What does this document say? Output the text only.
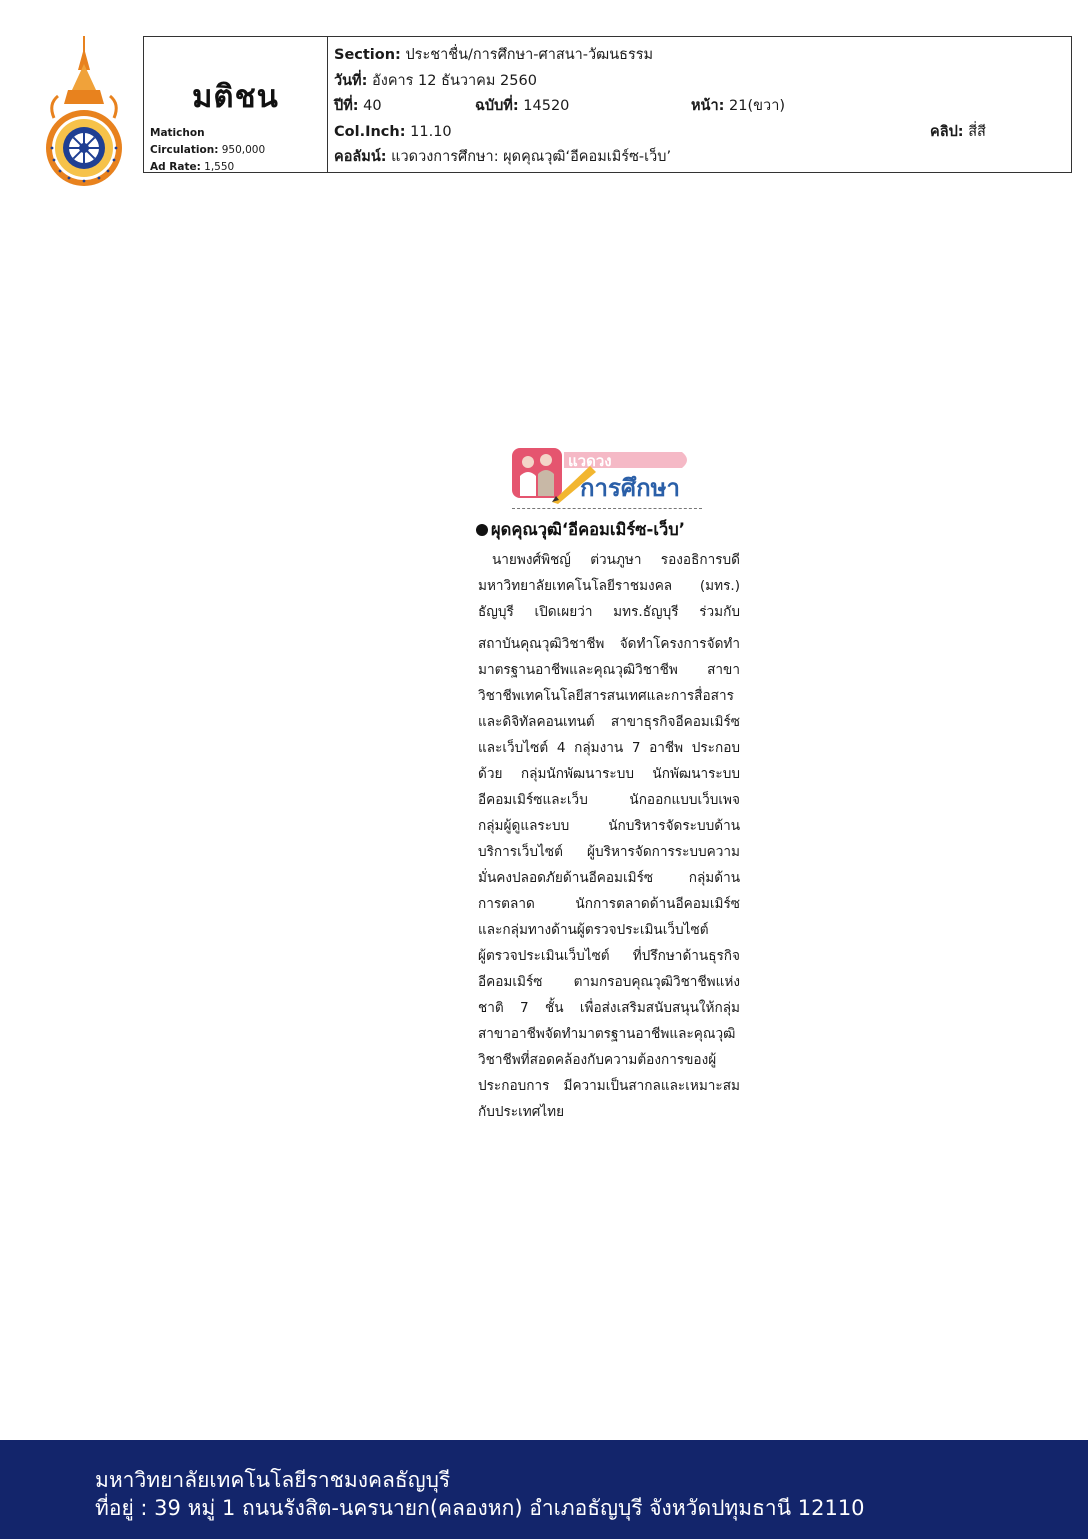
มติชน
Matichon
Circulation: 950,000
Ad Rate: 1,550
Section: ประชาชื่น/การศึกษา-ศาสนา-วัฒนธรรม
วันที่: อังคาร 12 ธันวาคม 2560
ปีที่: 40	ฉบับที่: 14520	หน้า: 21(ขวา)
Col.Inch: 11.10	คลิป: สี่สี
คอลัมน์: แวดวงการศึกษา: ผุดคุณวุฒิ‘อีคอมเมิร์ซ-เว็บ’
แวดวง
การศึกษา
ผุดคุณวุฒิ‘อีคอมเมิร์ซ-เว็บ’
นายพงศ์พิชญ์ ต่วนภูษา รองอธิการบดี
มหาวิทยาลัยเทคโนโลยีราชมงคล (มทร.)
ธัญบุรี เปิดเผยว่า มทร.ธัญบุรี ร่วมกับ
สถาบันคุณวุฒิวิชาชีพ จัดทำโครงการจัดทำ
มาตรฐานอาชีพและคุณวุฒิวิชาชีพ สาขา
วิชาชีพเทคโนโลยีสารสนเทศและการสื่อสาร
และดิจิทัลคอนเทนต์ สาขาธุรกิจอีคอมเมิร์ซ
และเว็บไซต์ 4 กลุ่มงาน 7 อาชีพ ประกอบ
ด้วย กลุ่มนักพัฒนาระบบ นักพัฒนาระบบ
อีคอมเมิร์ซและเว็บ นักออกแบบเว็บเพจ
กลุ่มผู้ดูแลระบบ นักบริหารจัดระบบด้าน
บริการเว็บไซต์ ผู้บริหารจัดการระบบความ
มั่นคงปลอดภัยด้านอีคอมเมิร์ซ กลุ่มด้าน
การตลาด นักการตลาดด้านอีคอมเมิร์ซ
และกลุ่มทางด้านผู้ตรวจประเมินเว็บไซต์
ผู้ตรวจประเมินเว็บไซต์ ที่ปรึกษาด้านธุรกิจ
อีคอมเมิร์ซ ตามกรอบคุณวุฒิวิชาชีพแห่ง
ชาติ 7 ชั้น เพื่อส่งเสริมสนับสนุนให้กลุ่ม
สาขาอาชีพจัดทำมาตรฐานอาชีพและคุณวุฒิ
วิชาชีพที่สอดคล้องกับความต้องการของผู้
ประกอบการ มีความเป็นสากลและเหมาะสม
กับประเทศไทย
มหาวิทยาลัยเทคโนโลยีราชมงคลธัญบุรี
ที่อยู่ : 39 หมู่ 1 ถนนรังสิต-นครนายก(คลองหก) อำเภอธัญบุรี จังหวัดปทุมธานี 12110
